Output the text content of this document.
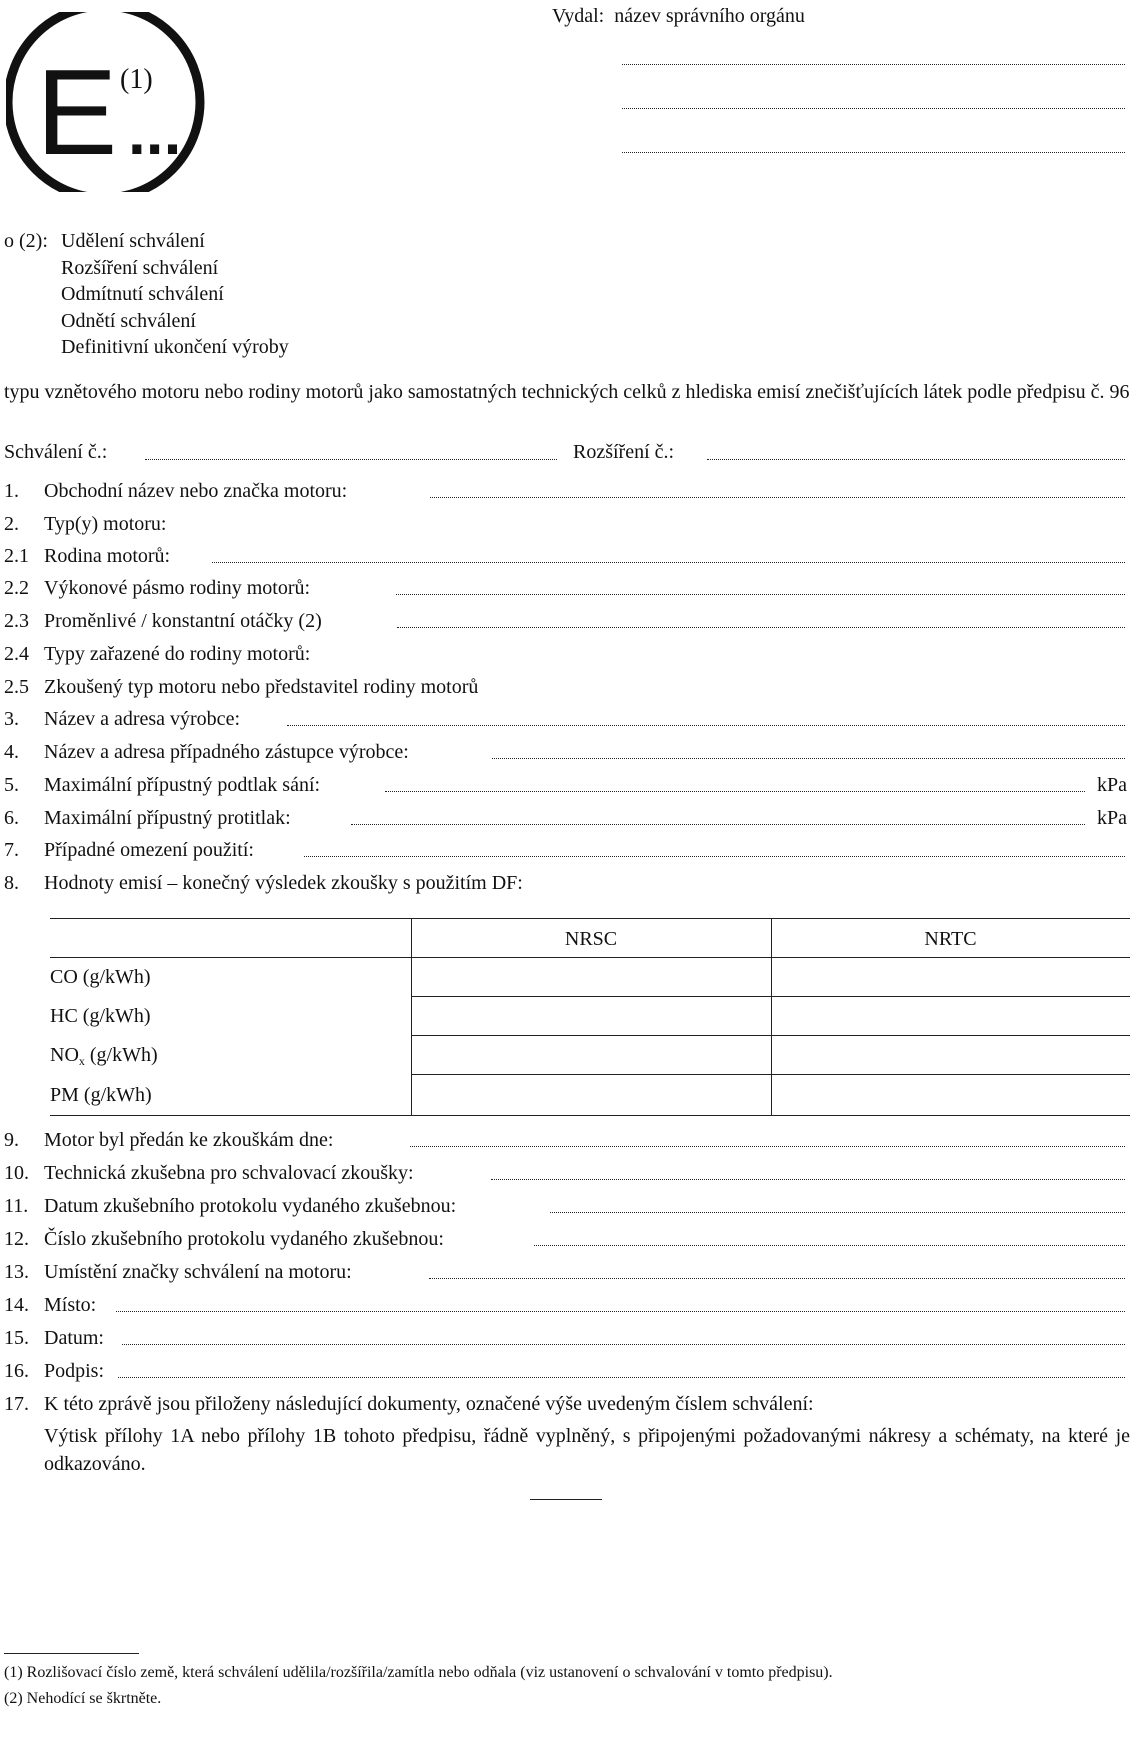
Vydal: název správního orgánu
E ...
(1)
o (2): Udělení schválení
Rozšíření schválení
Odmítnutí schválení
Odnětí schválení
Definitivní ukončení výroby
typu vznětového motoru nebo rodiny motorů jako samostatných technických celků z hlediska emisí znečišťujících látek podle předpisu č. 96
Schválení č.:	Rozšíření č.:
1. Obchodní název nebo značka motoru:
2. Typ(y) motoru:
2.1 Rodina motorů:
2.2 Výkonové pásmo rodiny motorů:
2.3 Proměnlivé / konstantní otáčky (2)
2.4 Typy zařazené do rodiny motorů:
2.5 Zkoušený typ motoru nebo představitel rodiny motorů
3. Název a adresa výrobce:
4. Název a adresa případného zástupce výrobce:
5. Maximální přípustný podtlak sání:	kPa
6. Maximální přípustný protitlak:	kPa
7. Případné omezení použití:
8. Hodnoty emisí – konečný výsledek zkoušky s použitím DF:
NRSC	NRTC
CO (g/kWh)
HC (g/kWh)
$NO_x$ (g/kWh)
PM (g/kWh)
9. Motor byl předán ke zkouškám dne:
10. Technická zkušebna pro schvalovací zkoušky:
11. Datum zkušebního protokolu vydaného zkušebnou:
12. Číslo zkušebního protokolu vydaného zkušebnou:
13. Umístění značky schválení na motoru:
14. Místo:
15. Datum:
16. Podpis:
17. K této zprávě jsou přiloženy následující dokumenty, označené výše uvedeným číslem schválení:
Výtisk přílohy 1A nebo přílohy 1B tohoto předpisu, řádně vyplněný, s připojenými požadovanými nákresy a schématy, na které je odkazováno.
(1) Rozlišovací číslo země, která schválení udělila/rozšířila/zamítla nebo odňala (viz ustanovení o schvalování v tomto předpisu).
(2) Nehodící se škrtněte.
